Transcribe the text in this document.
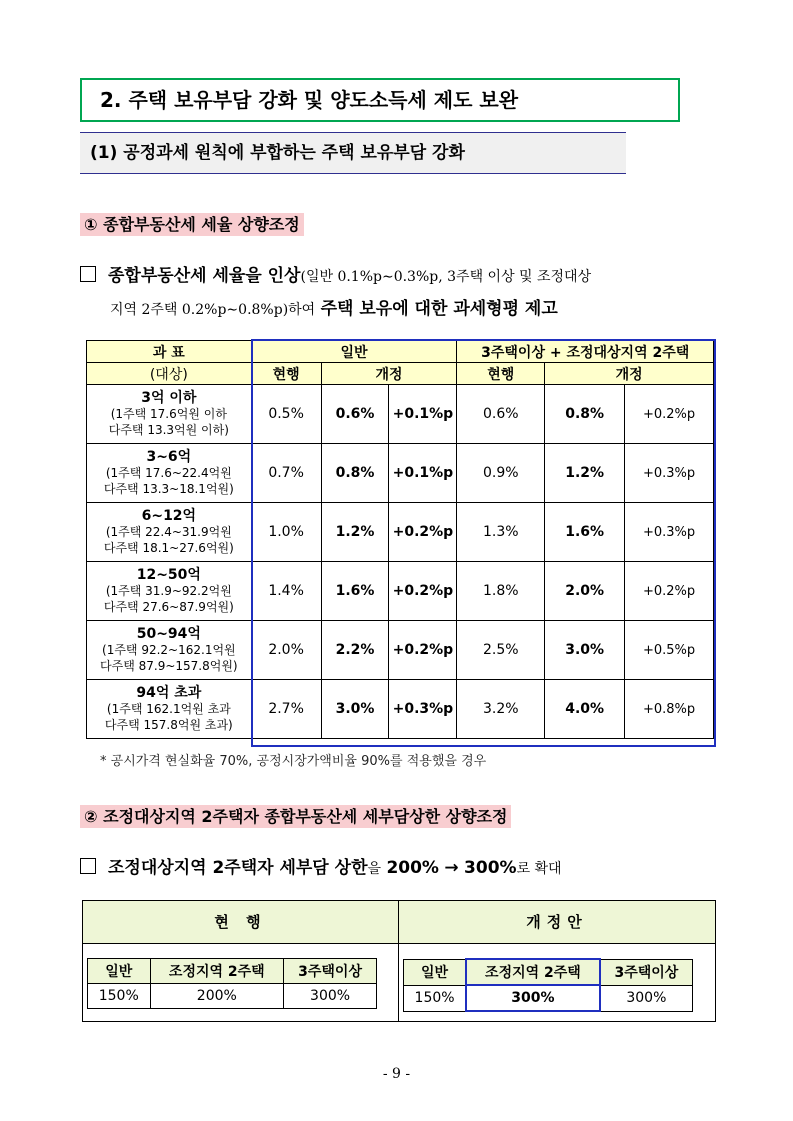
2. 주택 보유부담 강화 및 양도소득세 제도 보완
(1) 공정과세 원칙에 부합하는 주택 보유부담 강화
① 종합부동산세 세율 상향조정
종합부동산세 세율을 인상(일반 0.1%p∼0.3%p, 3주택 이상 및 조정대상
지역 2주택 0.2%p∼0.8%p)하여 주택 보유에 대한 과세형평 제고
과 표	일반			3주택이상 + 조정대상지역 2주택		
(대상)	현행	개정		현행	개정	
3억 이하
(1주택 17.6억원 이하
다주택 13.3억원 이하)	0.5%	0.6%	+0.1%p	0.6%	0.8%	+0.2%p
3~6억
(1주택 17.6~22.4억원
다주택 13.3~18.1억원)	0.7%	0.8%	+0.1%p	0.9%	1.2%	+0.3%p
6~12억
(1주택 22.4~31.9억원
다주택 18.1~27.6억원)	1.0%	1.2%	+0.2%p	1.3%	1.6%	+0.3%p
12~50억
(1주택 31.9~92.2억원
다주택 27.6~87.9억원)	1.4%	1.6%	+0.2%p	1.8%	2.0%	+0.2%p
50~94억
(1주택 92.2~162.1억원
다주택 87.9~157.8억원)	2.0%	2.2%	+0.2%p	2.5%	3.0%	+0.5%p
94억 초과
(1주택 162.1억원 초과
다주택 157.8억원 초과)	2.7%	3.0%	+0.3%p	3.2%	4.0%	+0.8%p
* 공시가격 현실화율 70%, 공정시장가액비율 90%를 적용했을 경우
② 조정대상지역 2주택자 종합부동산세 세부담상한 상향조정
조정대상지역 2주택자 세부담 상한을 200% → 300%로 확대
현 행
일반	조정지역 2주택	3주택이상
150%	200%	300%
개정안
일반	조정지역 2주택	3주택이상
150%	300%	300%
- 9 -
